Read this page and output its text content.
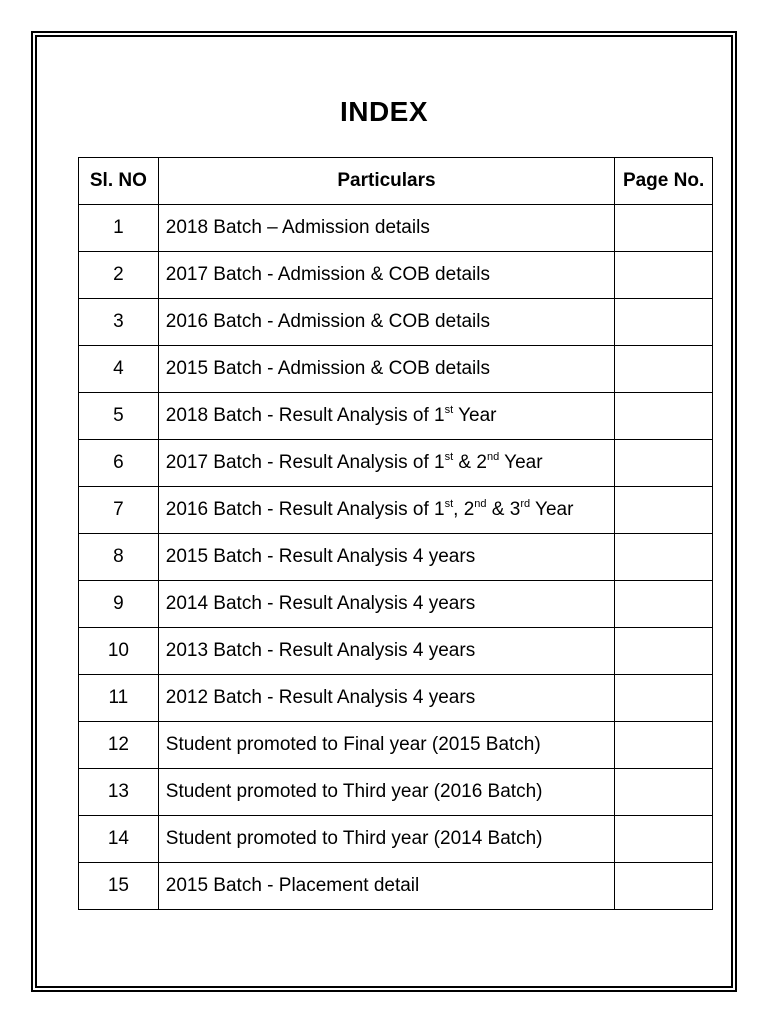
INDEX
Sl. NO	Particulars	Page No.
1	2018 Batch – Admission details	
2	2017 Batch - Admission & COB details	
3	2016 Batch - Admission & COB details	
4	2015 Batch - Admission & COB details	
5	2018 Batch - Result Analysis of 1st Year	
6	2017 Batch - Result Analysis of 1st & 2nd Year	
7	2016 Batch - Result Analysis of 1st, 2nd & 3rd Year	
8	2015 Batch - Result Analysis 4 years	
9	2014 Batch - Result Analysis 4 years	
10	2013 Batch - Result Analysis 4 years	
11	2012 Batch - Result Analysis 4 years	
12	Student promoted to Final year (2015 Batch)	
13	Student promoted to Third year (2016 Batch)	
14	Student promoted to Third year (2014 Batch)	
15	2015 Batch - Placement detail	
